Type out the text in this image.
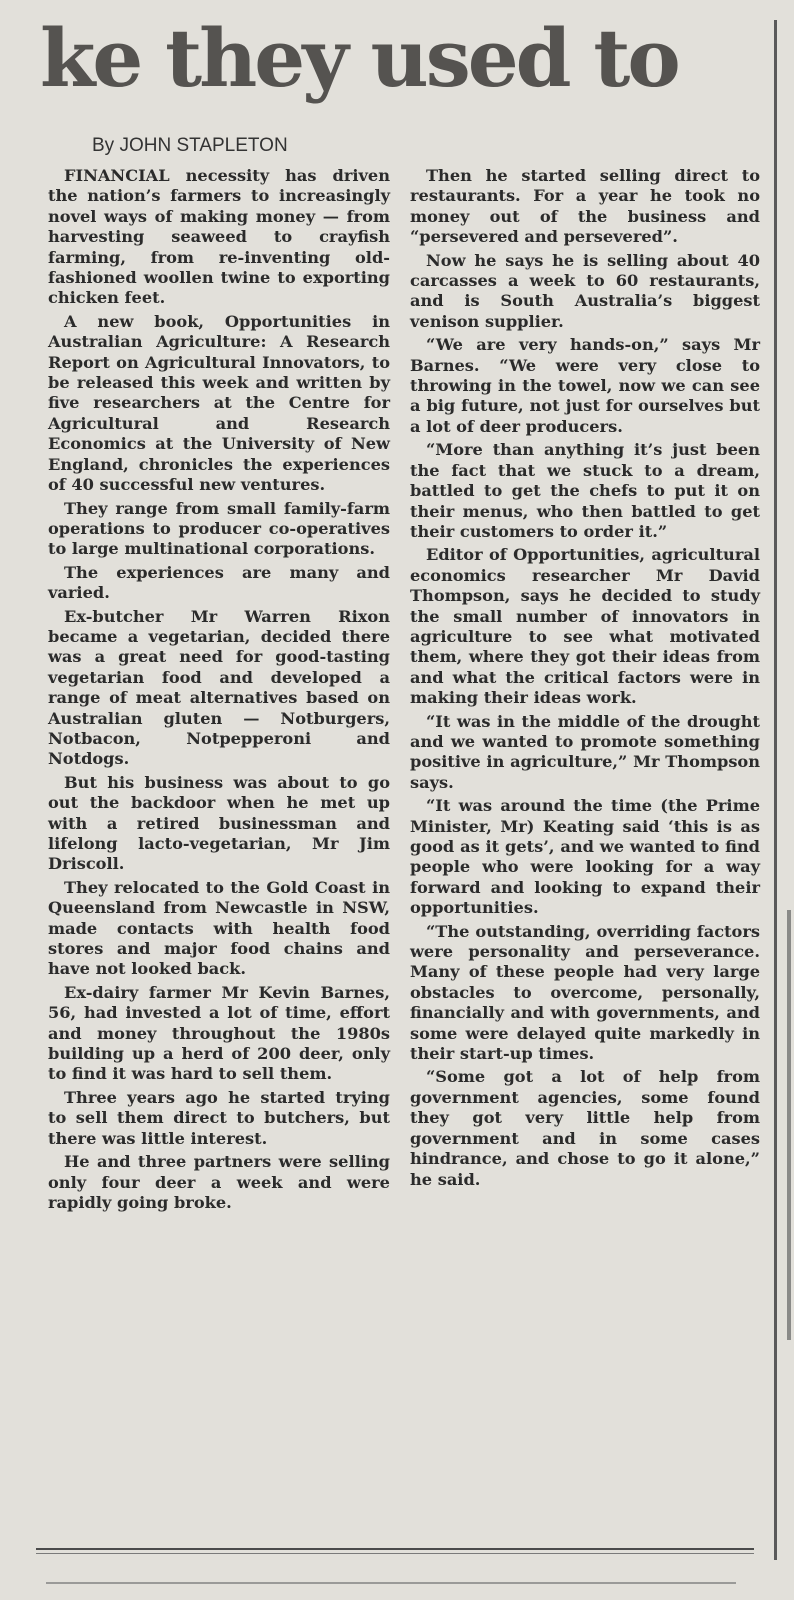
ke they used to
By JOHN STAPLETON

FINANCIAL necessity has driven the nation’s farmers to increasingly novel ways of making money — from harvesting seaweed to crayfish farming, from re-inventing old-fashioned woollen twine to exporting chicken feet.

A new book, Opportunities in Australian Agriculture: A Research Report on Agricultural Innovators, to be released this week and written by five researchers at the Centre for Agricultural and Research Economics at the University of New England, chronicles the experiences of 40 successful new ventures.

They range from small family-farm operations to producer co-operatives to large multinational corporations.

The experiences are many and varied.

Ex-butcher Mr Warren Rixon became a vegetarian, decided there was a great need for good-tasting vegetarian food and developed a range of meat alternatives based on Australian gluten — Notburgers, Notbacon, Notpepperoni and Notdogs.

But his business was about to go out the backdoor when he met up with a retired businessman and lifelong lacto-vegetarian, Mr Jim Driscoll.

They relocated to the Gold Coast in Queensland from Newcastle in NSW, made contacts with health food stores and major food chains and have not looked back.

Ex-dairy farmer Mr Kevin Barnes, 56, had invested a lot of time, effort and money throughout the 1980s building up a herd of 200 deer, only to find it was hard to sell them.

Three years ago he started trying to sell them direct to butchers, but there was little interest.

He and three partners were selling only four deer a week and were rapidly going broke.

Then he started selling direct to restaurants. For a year he took no money out of the business and “persevered and persevered”.

Now he says he is selling about 40 carcasses a week to 60 restaurants, and is South Australia’s biggest venison supplier.

“We are very hands-on,” says Mr Barnes. “We were very close to throwing in the towel, now we can see a big future, not just for ourselves but a lot of deer producers.

“More than anything it’s just been the fact that we stuck to a dream, battled to get the chefs to put it on their menus, who then battled to get their customers to order it.”

Editor of Opportunities, agricultural economics researcher Mr David Thompson, says he decided to study the small number of innovators in agriculture to see what motivated them, where they got their ideas from and what the critical factors were in making their ideas work.

“It was in the middle of the drought and we wanted to promote something positive in agriculture,” Mr Thompson says.

“It was around the time (the Prime Minister, Mr) Keating said ‘this is as good as it gets’, and we wanted to find people who were looking for a way forward and looking to expand their opportunities.

“The outstanding, overriding factors were personality and perseverance. Many of these people had very large obstacles to overcome, personally, financially and with governments, and some were delayed quite markedly in their start-up times.

“Some got a lot of help from government agencies, some found they got very little help from government and in some cases hindrance, and chose to go it alone,” he said.
